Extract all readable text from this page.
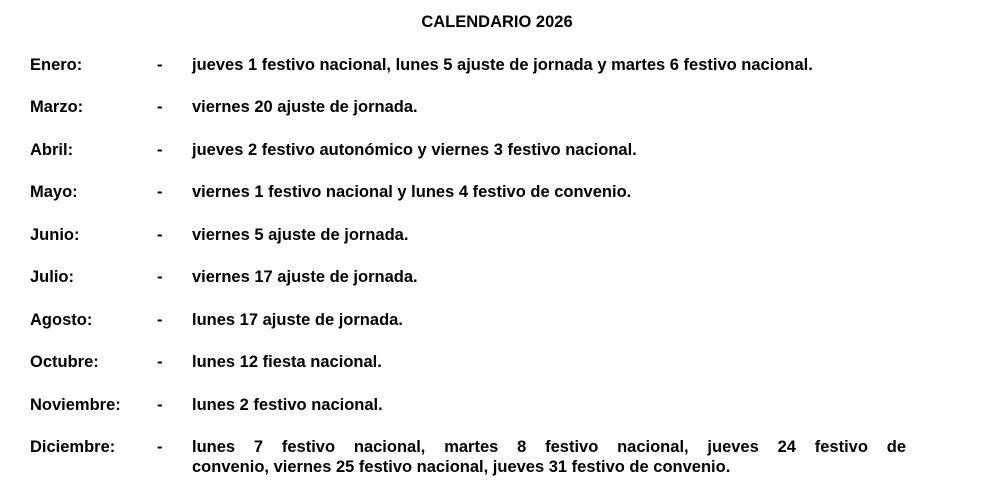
CALENDARIO 2026
Enero:	- jueves 1 festivo nacional, lunes 5 ajuste de jornada y martes 6 festivo nacional.
Marzo:	- viernes 20 ajuste de jornada.
Abril:	- jueves 2 festivo autonómico y viernes 3 festivo nacional.
Mayo:	- viernes 1 festivo nacional y lunes 4 festivo de convenio.
Junio:	- viernes 5 ajuste de jornada.
Julio:	- viernes 17 ajuste de jornada.
Agosto:	- lunes 17 ajuste de jornada.
Octubre:	- lunes 12 fiesta nacional.
Noviembre: - lunes 2 festivo nacional.
Diciembre:	- lunes 7 festivo nacional, martes 8 festivo nacional, jueves 24 festivo de
convenio, viernes 25 festivo nacional, jueves 31 festivo de convenio.
